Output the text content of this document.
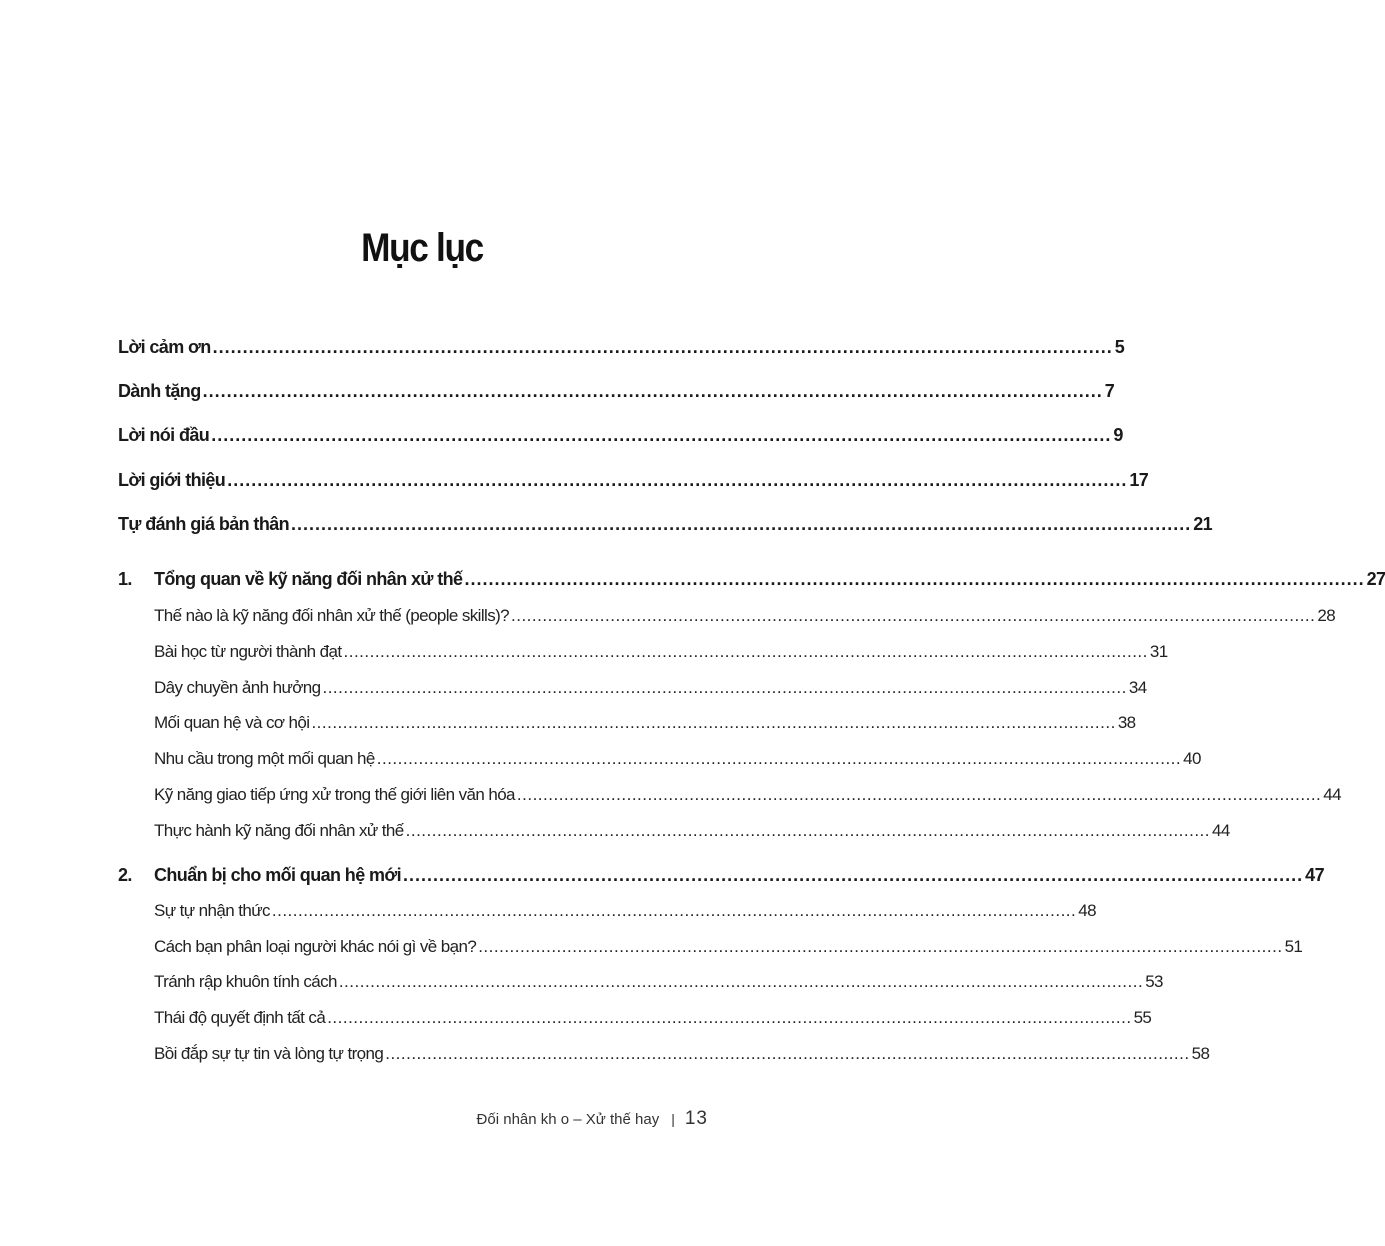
Mục lục
Lời cảm ơn ...................................................................................................................................................... 5
Dành tặng ...................................................................................................................................................... 7
Lời nói đầu ...................................................................................................................................................... 9
Lời giới thiệu ...................................................................................................................................................... 17
Tự đánh giá bản thân ...................................................................................................................................................... 21
1.	Tổng quan về kỹ năng đối nhân xử thế ...................................................................................................................................................... 27
Thế nào là kỹ năng đối nhân xử thế (people skills)? .......................................................................................................................................................... 28
Bài học từ người thành đạt .......................................................................................................................................................... 31
Dây chuyền ảnh hưởng .......................................................................................................................................................... 34
Mối quan hệ và cơ hội .......................................................................................................................................................... 38
Nhu cầu trong một mối quan hệ .......................................................................................................................................................... 40
Kỹ năng giao tiếp ứng xử trong thế giới liên văn hóa .......................................................................................................................................................... 44
Thực hành kỹ năng đối nhân xử thế .......................................................................................................................................................... 44
2.	Chuẩn bị cho mối quan hệ mới ...................................................................................................................................................... 47
Sự tự nhận thức .......................................................................................................................................................... 48
Cách bạn phân loại người khác nói gì về bạn? .......................................................................................................................................................... 51
Tránh rập khuôn tính cách .......................................................................................................................................................... 53
Thái độ quyết định tất cả .......................................................................................................................................................... 55
Bồi đắp sự tự tin và lòng tự trọng .......................................................................................................................................................... 58
Đối nhân kh o – Xử thế hay | 13
